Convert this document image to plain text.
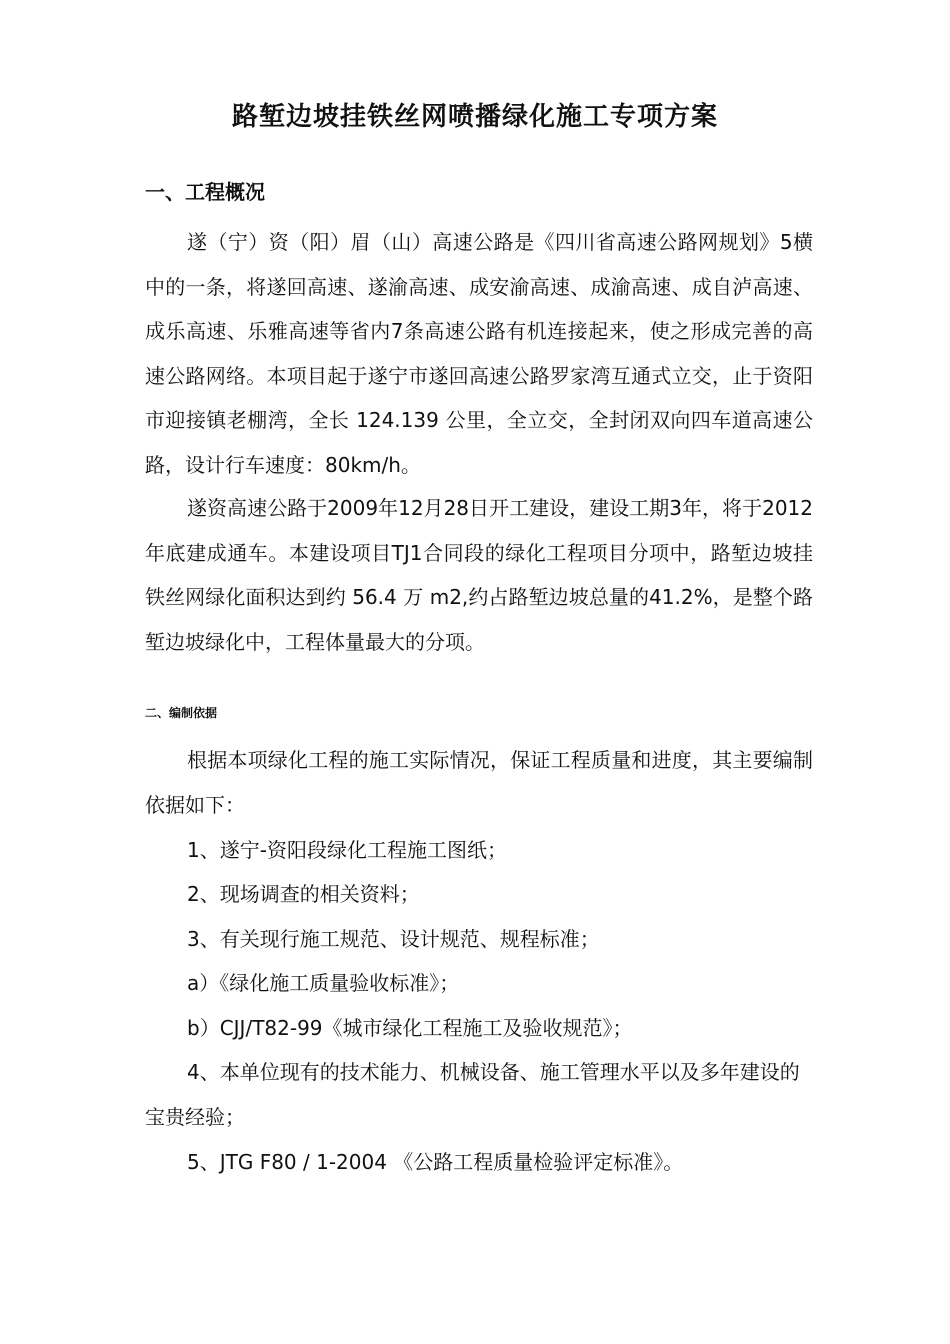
路堑边坡挂铁丝网喷播绿化施工专项方案
一、工程概况

遂（宁）资（阳）眉（山）高速公路是《四川省高速公路网规划》5横中的一条，将遂回高速、遂渝高速、成安渝高速、成渝高速、成自泸高速、成乐高速、乐雅高速等省内7条高速公路有机连接起来，使之形成完善的高速公路网络。本项目起于遂宁市遂回高速公路罗家湾互通式立交，止于资阳市迎接镇老棚湾，全长 124.139 公里，全立交，全封闭双向四车道高速公路，设计行车速度：80km/h。

遂资高速公路于2009年12月28日开工建设，建设工期3年，将于2012年底建成通车。本建设项目TJ1合同段的绿化工程项目分项中，路堑边坡挂铁丝网绿化面积达到约 56.4 万 m2,约占路堑边坡总量的41.2%，是整个路堑边坡绿化中，工程体量最大的分项。

二、编制依据

根据本项绿化工程的施工实际情况，保证工程质量和进度，其主要编制依据如下：

1、遂宁-资阳段绿化工程施工图纸；
2、现场调查的相关资料；
3、有关现行施工规范、设计规范、规程标准；
a）《绿化施工质量验收标准》；
b）CJJ/T82-99《城市绿化工程施工及验收规范》；

4、本单位现有的技术能力、机械设备、施工管理水平以及多年建设的宝贵经验；

5、JTG F80 / 1-2004 《公路工程质量检验评定标准》。
